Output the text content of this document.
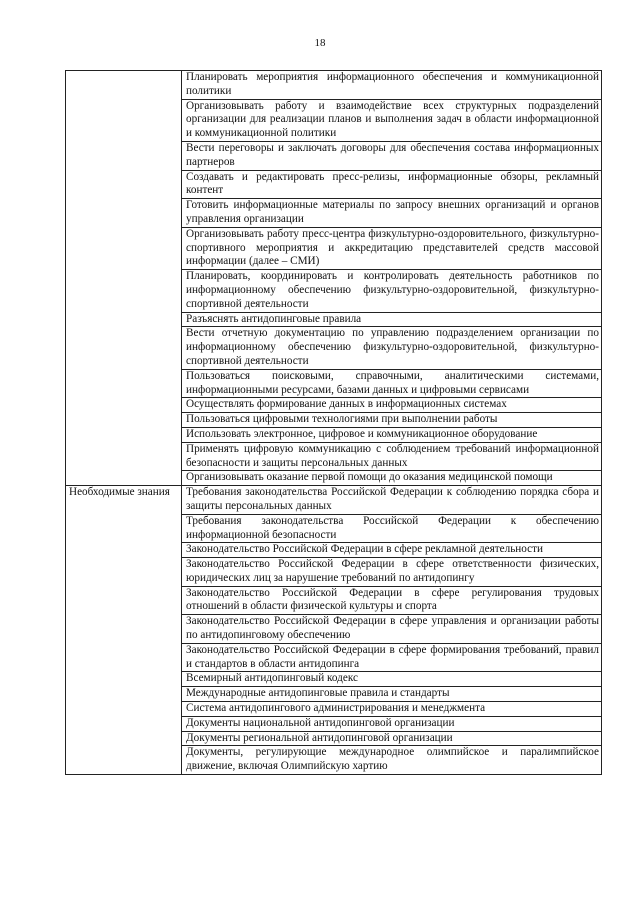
18
	Планировать мероприятия информационного обеспечения и коммуникационной политики
	Организовывать работу и взаимодействие всех структурных подразделений организации для реализации планов и выполнения задач в области информационной и коммуникационной политики
	Вести переговоры и заключать договоры для обеспечения состава информационных партнеров
	Создавать и редактировать пресс-релизы, информационные обзоры, рекламный контент
	Готовить информационные материалы по запросу внешних организаций и органов управления организации
	Организовывать работу пресс-центра физкультурно-оздоровительного, физкультурно-спортивного мероприятия и аккредитацию представителей средств массовой информации (далее – СМИ)
	Планировать, координировать и контролировать деятельность работников по информационному обеспечению физкультурно-оздоровительной, физкультурно-спортивной деятельности
	Разъяснять антидопинговые правила
	Вести отчетную документацию по управлению подразделением организации по информационному обеспечению физкультурно-оздоровительной, физкультурно-спортивной деятельности
	Пользоваться поисковыми, справочными, аналитическими системами, информационными ресурсами, базами данных и цифровыми сервисами
	Осуществлять формирование данных в информационных системах
	Пользоваться цифровыми технологиями при выполнении работы
	Использовать электронное, цифровое и коммуникационное оборудование
	Применять цифровую коммуникацию с соблюдением требований информационной безопасности и защиты персональных данных
	Организовывать оказание первой помощи до оказания медицинской помощи
Необходимые знания	Требования законодательства Российской Федерации к соблюдению порядка сбора и защиты персональных данных
	Требования законодательства Российской Федерации к обеспечению информационной безопасности
	Законодательство Российской Федерации в сфере рекламной деятельности
	Законодательство Российской Федерации в сфере ответственности физических, юридических лиц за нарушение требований по антидопингу
	Законодательство Российской Федерации в сфере регулирования трудовых отношений в области физической культуры и спорта
	Законодательство Российской Федерации в сфере управления и организации работы по антидопинговому обеспечению
	Законодательство Российской Федерации в сфере формирования требований, правил и стандартов в области антидопинга
	Всемирный антидопинговый кодекс
	Международные антидопинговые правила и стандарты
	Система антидопингового администрирования и менеджмента
	Документы национальной антидопинговой организации
	Документы региональной антидопинговой организации
	Документы, регулирующие международное олимпийское и паралимпийское движение, включая Олимпийскую хартию
